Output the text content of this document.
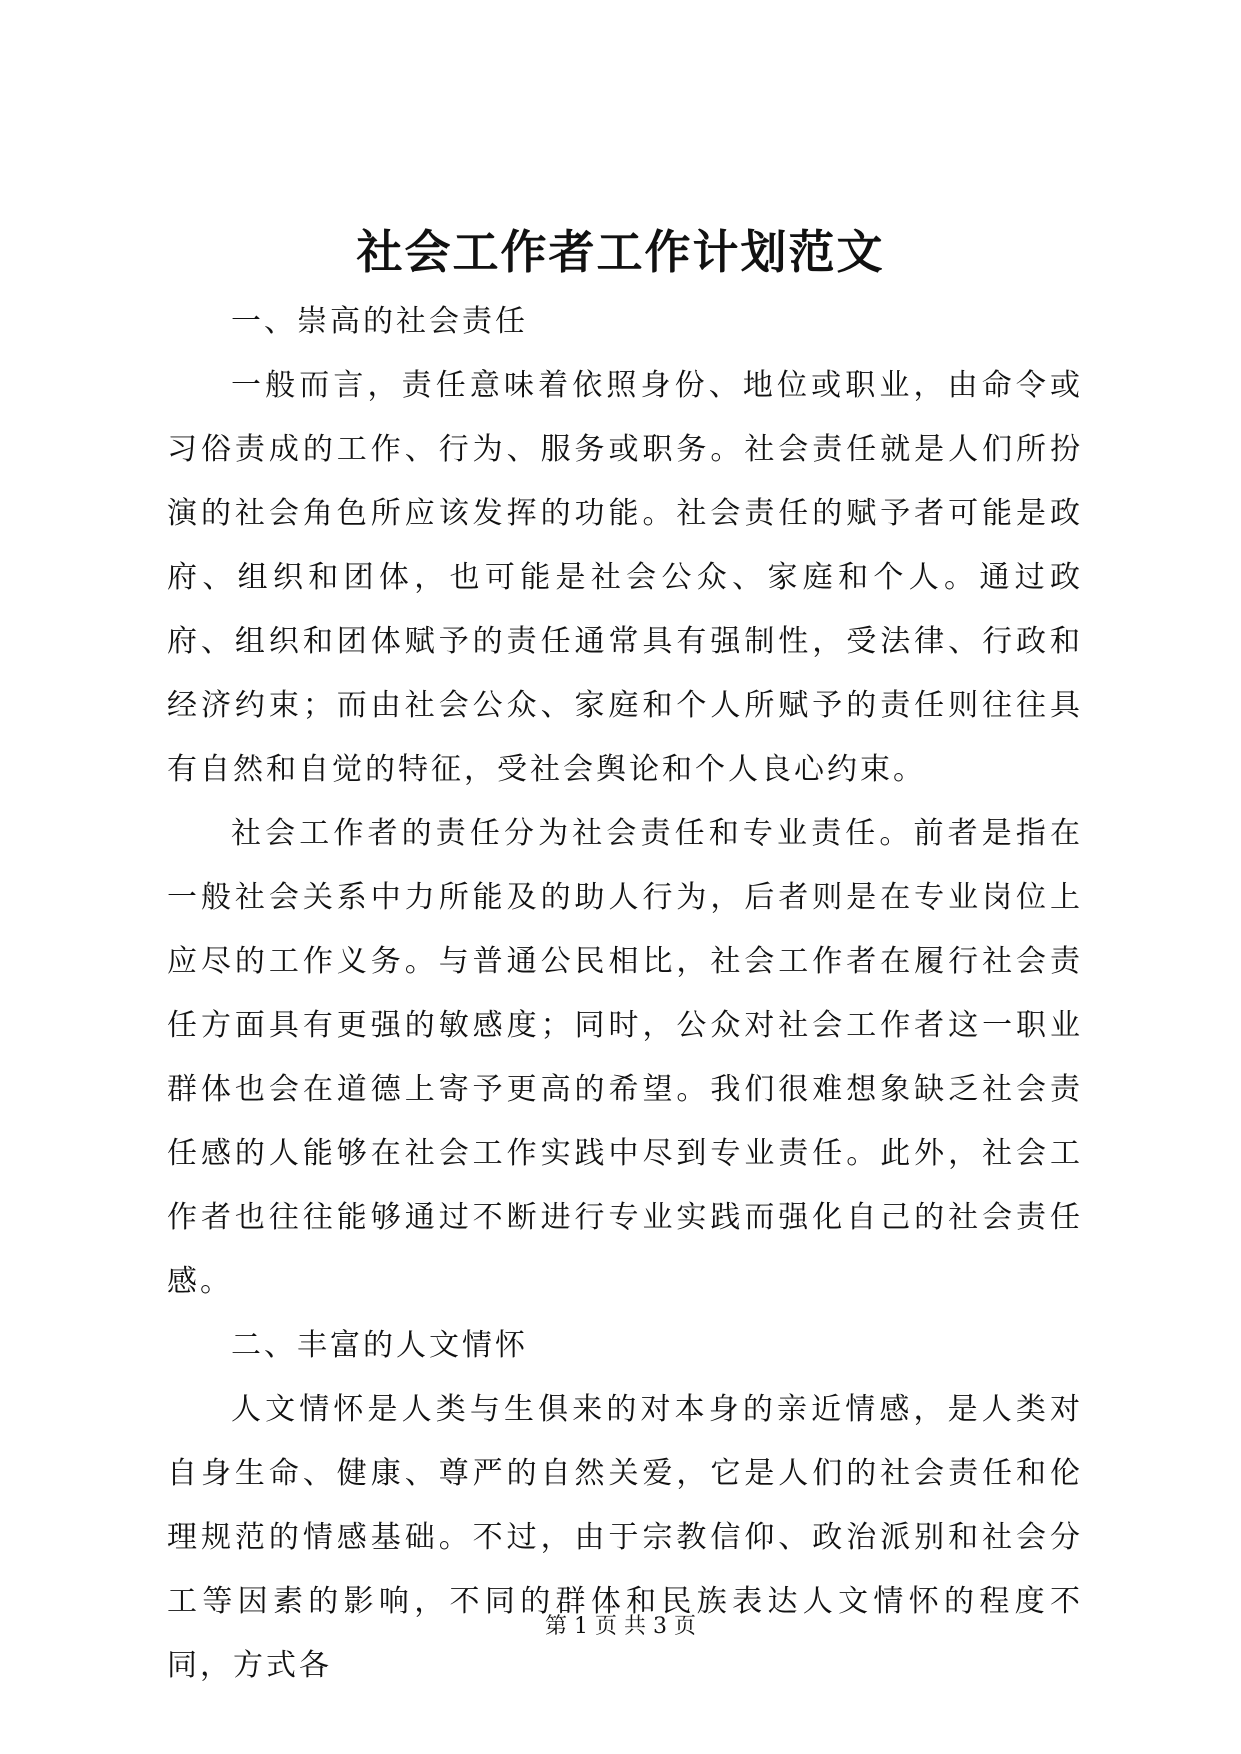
社会工作者工作计划范文

一、崇高的社会责任

一般而言，责任意味着依照身份、地位或职业，由命令或习俗责成的工作、行为、服务或职务。社会责任就是人们所扮演的社会角色所应该发挥的功能。社会责任的赋予者可能是政府、组织和团体，也可能是社会公众、家庭和个人。通过政府、组织和团体赋予的责任通常具有强制性，受法律、行政和经济约束；而由社会公众、家庭和个人所赋予的责任则往往具有自然和自觉的特征，受社会舆论和个人良心约束。

社会工作者的责任分为社会责任和专业责任。前者是指在一般社会关系中力所能及的助人行为，后者则是在专业岗位上应尽的工作义务。与普通公民相比，社会工作者在履行社会责任方面具有更强的敏感度；同时，公众对社会工作者这一职业群体也会在道德上寄予更高的希望。我们很难想象缺乏社会责任感的人能够在社会工作实践中尽到专业责任。此外，社会工作者也往往能够通过不断进行专业实践而强化自己的社会责任感。

二、丰富的人文情怀

人文情怀是人类与生俱来的对本身的亲近情感，是人类对自身生命、健康、尊严的自然关爱，它是人们的社会责任和伦理规范的情感基础。不过，由于宗教信仰、政治派别和社会分工等因素的影响，不同的群体和民族表达人文情怀的程度不同，方式各

第 1 页 共 3 页
